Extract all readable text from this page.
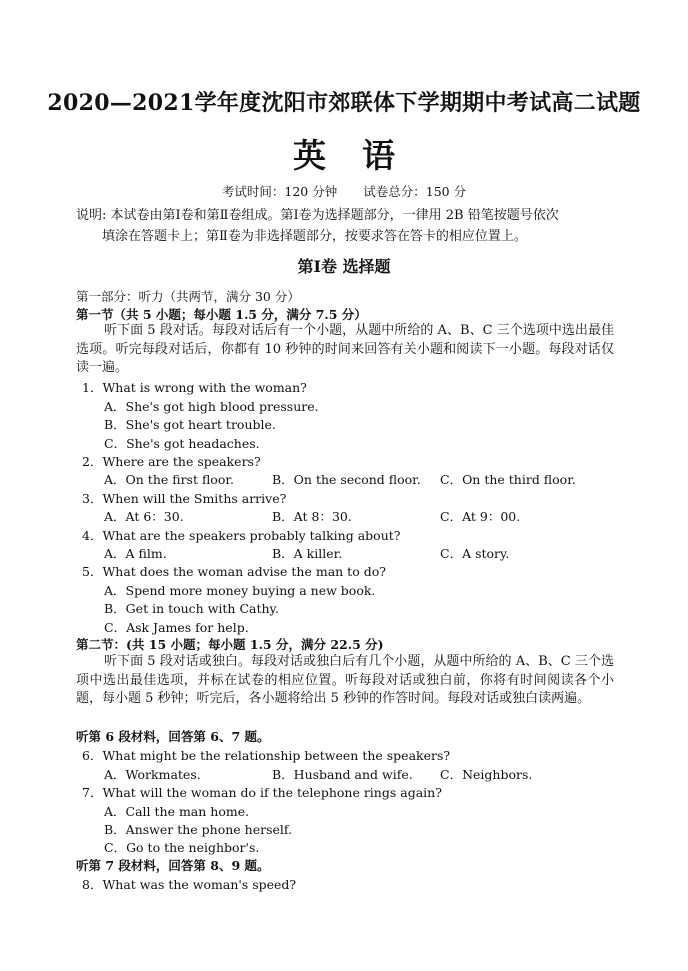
2020—2021学年度沈阳市郊联体下学期期中考试高二试题
英 语
考试时间：120 分钟 试卷总分：150 分
说明: 本试卷由第Ⅰ卷和第Ⅱ卷组成。第Ⅰ卷为选择题部分，一律用 2B 铅笔按题号依次
填涂在答题卡上；第Ⅱ卷为非选择题部分，按要求答在答卡的相应位置上。
第Ⅰ卷 选择题
第一部分：听力（共两节，满分 30 分）
第一节（共 5 小题；每小题 1.5 分，满分 7.5 分）
听下面 5 段对话。每段对话后有一个小题，从题中所给的 A、B、C 三个选项中选出最佳选项。听完每段对话后，你都有 10 秒钟的时间来回答有关小题和阅读下一小题。每段对话仅读一遍。
1．What is wrong with the woman?
A．She's got high blood pressure.
B．She's got heart trouble.
C．She's got headaches.
2．Where are the speakers?
A．On the first floor.	B．On the second floor. C．On the third floor.
3．When will the Smiths arrive?
A．At 6：30.	B．At 8：30.	C．At 9：00.
4．What are the speakers probably talking about?
A．A film.	B．A killer.	C．A story.
5．What does the woman advise the man to do?
A．Spend more money buying a new book.
B．Get in touch with Cathy.
C．Ask James for help.
第二节：(共 15 小题；每小题 1.5 分，满分 22.5 分)
听下面 5 段对话或独白。每段对话或独白后有几个小题，从题中所给的 A、B、C 三个选项中选出最佳选项，并标在试卷的相应位置。听每段对话或独白前，你将有时间阅读各个小题，每小题 5 秒钟；听完后，各小题将给出 5 秒钟的作答时间。每段对话或独白读两遍。
听第 6 段材料，回答第 6、7 题。
6．What might be the relationship between the speakers?
A．Workmates.	B．Husband and wife. C．Neighbors.
7．What will the woman do if the telephone rings again?
A．Call the man home.
B．Answer the phone herself.
C．Go to the neighbor's.
听第 7 段材料，回答第 8、9 题。
8．What was the woman's speed?
